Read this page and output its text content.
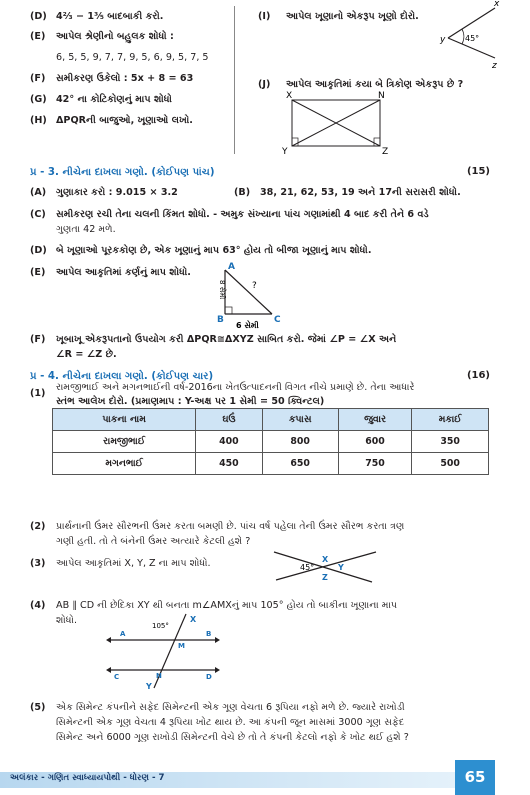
(D) 4⅔ − 1⅗ બાદબાકી કરો.
(E) આપેલ શ્રેણીનો બહુલક શોધો :
6, 5, 5, 9, 7, 7, 9, 5, 6, 9, 5, 7, 5
(F) સમીકરણ ઉકેલો : 5x + 8 = 63
(G) 42° ના કોટિકોણનું માપ શોધો
(H) ΔPQRની બાજુઓ, ખૂણાઓ લખો.
(I) આપેલ ખૂણાનો એકરૂપ ખૂણો દોરો.
(J) આપેલ આકૃતિમાં કયા બે ત્રિકોણ એકરૂપ છે ?
y
x
z
45°
X	N
Y	Z
પ્ર - 3. નીચેના દાખલા ગણો. (કોઈપણ પાંચ)	(15)
(A) ગુણાકાર કરો : 9.015 × 3.2	(B) 38, 21, 62, 53, 19 અને 17ની સરાસરી શોધો.
(C) સમીકરણ રચી તેના ચલની કિંમત શોધો. - અમુક સંખ્યાના પાંચ ગણામાંથી 4 બાદ કરી તેને 6 વડે
ગુણતા 42 મળે.
(D) બે ખૂણાઓ પૂરકકોણ છે, એક ખૂણાનું માપ 63° હોય તો બીજા ખૂણાનું માપ શોધો.
(E) આપેલ આકૃતિમાં કર્ણનું માપ શોધો.	A
B	C
?
8 સેમી
6 સેમી
(F) ખૂબાખૂ એકરૂપતાનો ઉપયોગ કરી ΔPQR≅ΔXYZ સાબિત કરો. જેમાં ∠P = ∠X અને
∠R = ∠Z છે.
પ્ર - 4. નીચેના દાખલા ગણો. (કોઈપણ ચાર)	(16)
(1)
રામજીભાઈ અને મગનભાઈની વર્ષ-2016ના ખેતઉત્પાદનની વિગત નીચે પ્રમાણે છે. તેના આધારે
સ્તંભ આલેખ દોરો. (પ્રમાણમાપ : Y-અક્ષ પર 1 સેમી = 50 ક્વિન્ટલ)
પાકના નામ	ઘઉં	કપાસ	જુવાર	મકાઈ
રામજીભાઈ	400	800	600	350
મગનભાઈ	450	650	750	500
(2) પ્રાર્થનાની ઉંમર સૌરભની ઉંમર કરતા બમણી છે. પાંચ વર્ષ પહેલા તેની ઉંમર સૌરભ કરતા ત્રણ
ગણી હતી. તો તે બંનેની ઉંમર અત્યારે કેટલી હશે ?
(3) આપેલ આકૃતિમાં X, Y, Z ના માપ શોધો.	45°
X
Y
Z
(4) AB ∥ CD ની છેદિકા XY થી બનતા m∠AMXનું માપ 105° હોય તો બાકીના ખૂણાના માપ
શોધો.	105°
X
A	B
M
C	N	D
Y
(5) એક સિમેન્ટ કંપનીને સફેદ સિમેન્ટની એક ગૂણ વેચતા 6 રૂપિયા નફો મળે છે. જ્યારે રાખોડી
સિમેન્ટની એક ગૂણ વેચતા 4 રૂપિયા ખોટ થાય છે. આ કંપની જૂન માસમાં 3000 ગૂણ સફેદ
સિમેન્ટ અને 6000 ગૂણ રાખોડી સિમેન્ટની વેચે છે તો તે કંપની કેટલો નફો કે ખોટ થઈ હશે ?
અલંકાર - ગણિત સ્વાધ્યાયપોથી - ધોરણ - 7	65
